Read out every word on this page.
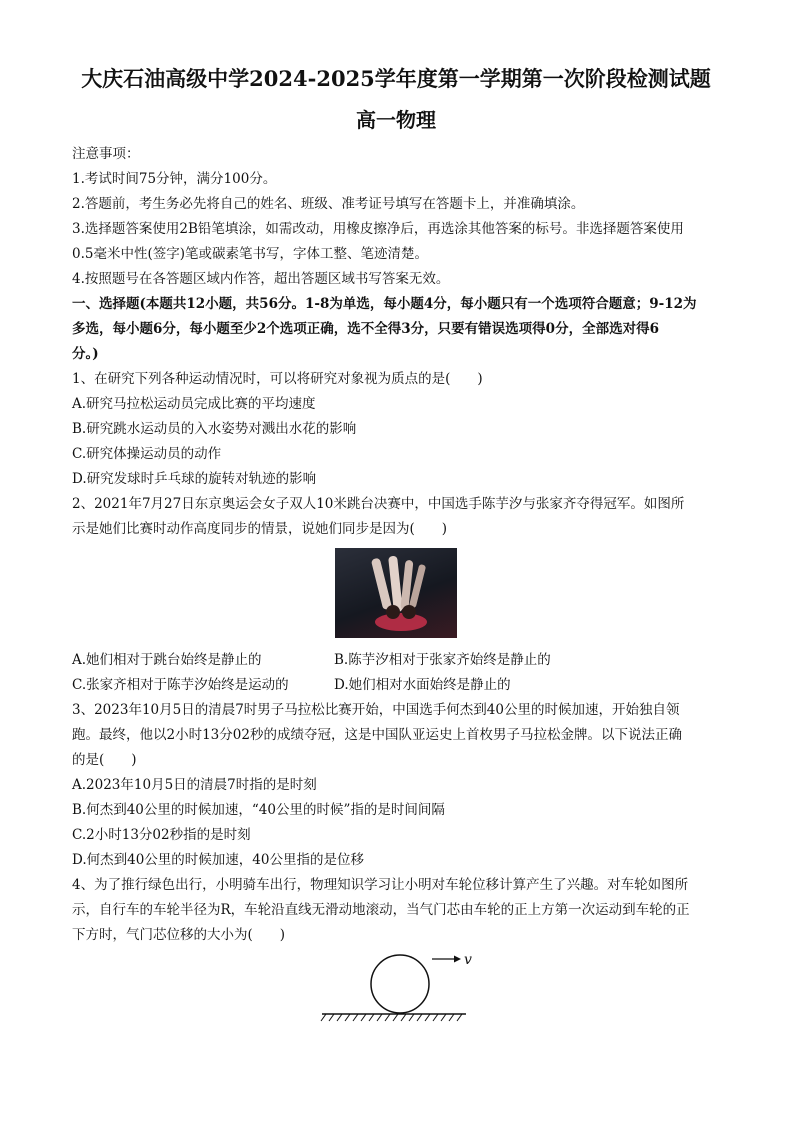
大庆石油高级中学2024-2025学年度第一学期第一次阶段检测试题
高一物理

注意事项：

1.考试时间75分钟，满分100分。

2.答题前，考生务必先将自己的姓名、班级、准考证号填写在答题卡上，并准确填涂。

3.选择题答案使用2B铅笔填涂，如需改动，用橡皮擦净后，再选涂其他答案的标号。非选择题答案使用

0.5毫米中性(签字)笔或碳素笔书写，字体工整、笔迹清楚。

4.按照题号在各答题区域内作答，超出答题区域书写答案无效。

一、选择题(本题共12小题，共56分。1-8为单选，每小题4分，每小题只有一个选项符合题意；9-12为

多选，每小题6分，每小题至少2个选项正确，选不全得3分，只要有错误选项得0分，全部选对得6

分。)

1、在研究下列各种运动情况时，可以将研究对象视为质点的是(　　)

A.研究马拉松运动员完成比赛的平均速度

B.研究跳水运动员的入水姿势对溅出水花的影响

C.研究体操运动员的动作

D.研究发球时乒乓球的旋转对轨迹的影响

2、2021年7月27日东京奥运会女子双人10米跳台决赛中，中国选手陈芋汐与张家齐夺得冠军。如图所

示是她们比赛时动作高度同步的情景，说她们同步是因为(　　)

A.她们相对于跳台始终是静止的	B.陈芋汐相对于张家齐始终是静止的
C.张家齐相对于陈芋汐始终是运动的	D.她们相对水面始终是静止的

3、2023年10月5日的清晨7时男子马拉松比赛开始，中国选手何杰到40公里的时候加速，开始独自领

跑。最终，他以2小时13分02秒的成绩夺冠，这是中国队亚运史上首枚男子马拉松金牌。以下说法正确

的是(　　)

A.2023年10月5日的清晨7时指的是时刻

B.何杰到40公里的时候加速，“40公里的时候”指的是时间间隔

C.2小时13分02秒指的是时刻

D.何杰到40公里的时候加速，40公里指的是位移

4、为了推行绿色出行，小明骑车出行，物理知识学习让小明对车轮位移计算产生了兴趣。对车轮如图所

示，自行车的车轮半径为R，车轮沿直线无滑动地滚动，当气门芯由车轮的正上方第一次运动到车轮的正

下方时，气门芯位移的大小为(　　)

v
